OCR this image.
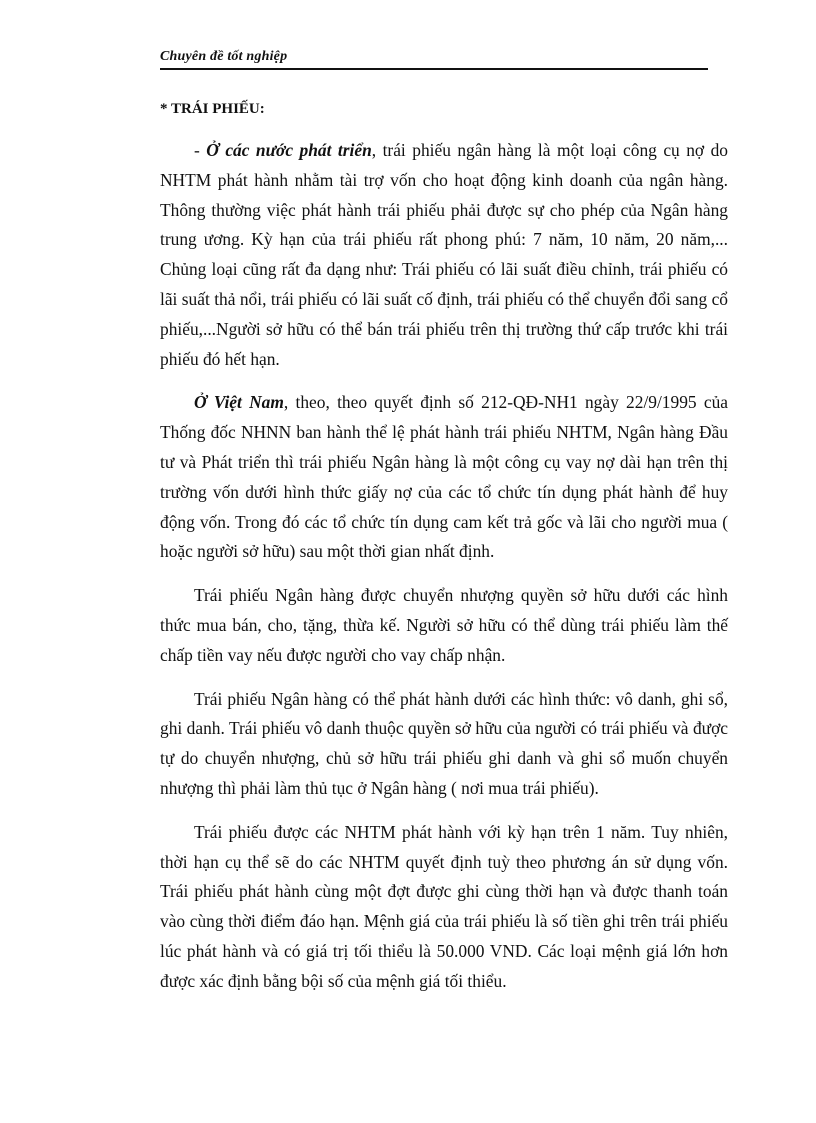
Chuyên đề tốt nghiệp
* TRÁI PHIẾU:

- Ở các nước phát triển, trái phiếu ngân hàng là một loại công cụ nợ do NHTM phát hành nhằm tài trợ vốn cho hoạt động kinh doanh của ngân hàng. Thông thường việc phát hành trái phiếu phải được sự cho phép của Ngân hàng trung ương. Kỳ hạn của trái phiếu rất phong phú: 7 năm, 10 năm, 20 năm,... Chủng loại cũng rất đa dạng như: Trái phiếu có lãi suất điều chỉnh, trái phiếu có lãi suất thả nổi, trái phiếu có lãi suất cố định, trái phiếu có thể chuyển đổi sang cổ phiếu,...Người sở hữu có thể bán trái phiếu trên thị trường thứ cấp trước khi trái phiếu đó hết hạn.

Ở Việt Nam, theo, theo quyết định số 212-QĐ-NH1 ngày 22/9/1995 của Thống đốc NHNN ban hành thể lệ phát hành trái phiếu NHTM, Ngân hàng Đầu tư và Phát triển thì trái phiếu Ngân hàng là một công cụ vay nợ dài hạn trên thị trường vốn dưới hình thức giấy nợ của các tổ chức tín dụng phát hành để huy động vốn. Trong đó các tổ chức tín dụng cam kết trả gốc và lãi cho người mua ( hoặc người sở hữu) sau một thời gian nhất định.

Trái phiếu Ngân hàng được chuyển nhượng quyền sở hữu dưới các hình thức mua bán, cho, tặng, thừa kế. Người sở hữu có thể dùng trái phiếu làm thế chấp tiền vay nếu được người cho vay chấp nhận.

Trái phiếu Ngân hàng có thể phát hành dưới các hình thức: vô danh, ghi sổ, ghi danh. Trái phiếu vô danh thuộc quyền sở hữu của người có trái phiếu và được tự do chuyển nhượng, chủ sở hữu trái phiếu ghi danh và ghi sổ muốn chuyển nhượng thì phải làm thủ tục ở Ngân hàng ( nơi mua trái phiếu).

Trái phiếu được các NHTM phát hành với kỳ hạn trên 1 năm. Tuy nhiên, thời hạn cụ thể sẽ do các NHTM quyết định tuỳ theo phương án sử dụng vốn. Trái phiếu phát hành cùng một đợt được ghi cùng thời hạn và được thanh toán vào cùng thời điểm đáo hạn. Mệnh giá của trái phiếu là số tiền ghi trên trái phiếu lúc phát hành và có giá trị tối thiểu là 50.000 VND. Các loại mệnh giá lớn hơn được xác định bằng bội số của mệnh giá tối thiểu.
